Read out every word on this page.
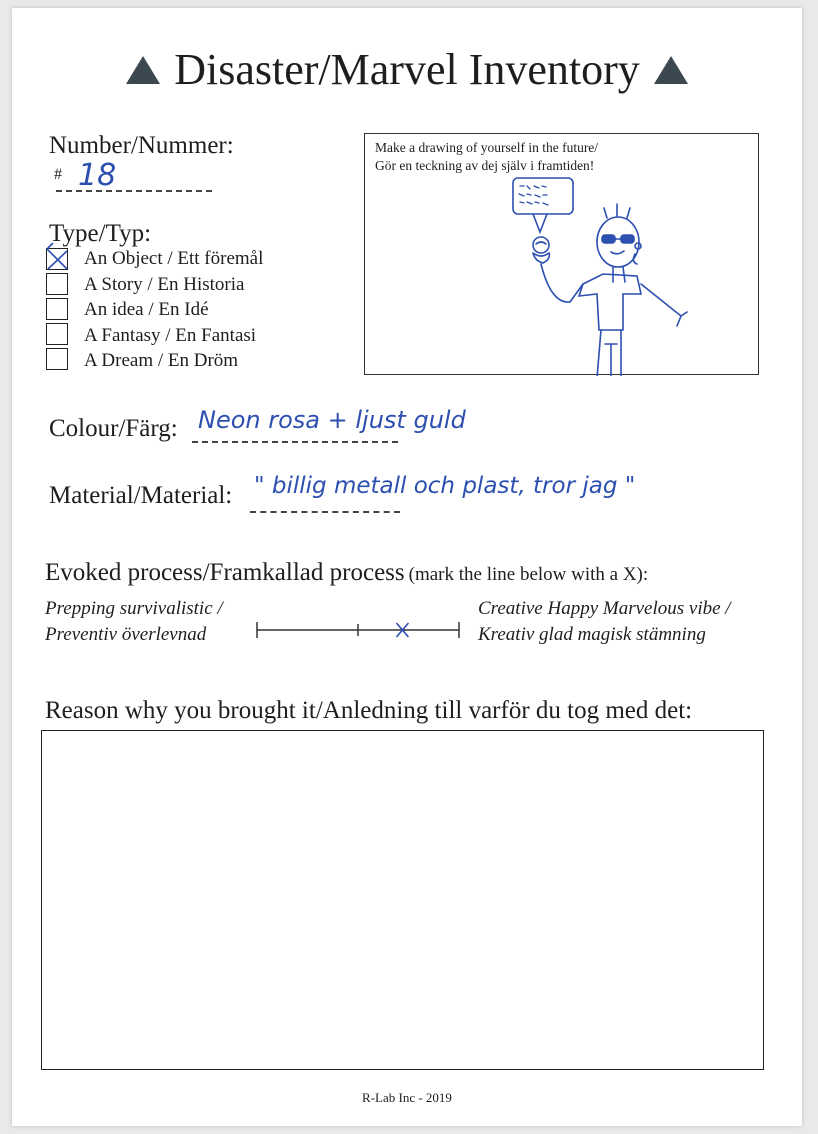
Disaster/Marvel Inventory
Number/Nummer:
# 18
Type/Typ:
An Object / Ett föremål
A Story / En Historia
An idea / En Idé
A Fantasy / En Fantasi
A Dream / En Dröm
Make a drawing of yourself in the future/
Gör en teckning av dej själv i framtiden!
Colour/Färg: Neon rosa + ljust guld
Material/Material: " billig metall och plast, tror jag "
Evoked process/Framkallad process (mark the line below with a X):
Prepping survivalistic /
Preventiv överlevnad
Creative Happy Marvelous vibe /
Kreativ glad magisk stämning
Reason why you brought it/Anledning till varför du tog med det:
R-Lab Inc - 2019
